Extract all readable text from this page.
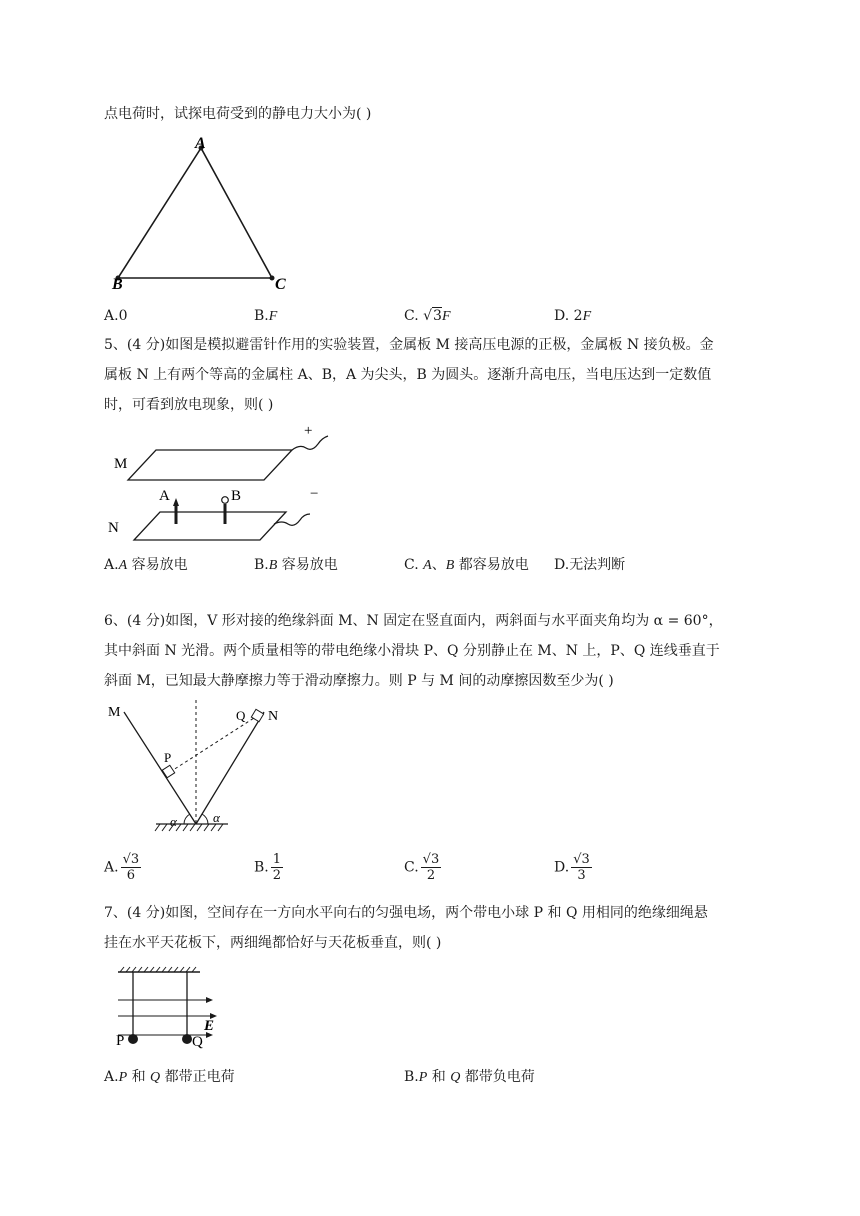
点电荷时，试探电荷受到的静电力大小为( )
A
B	C
A.0	B.F	C. √3F	D. 2F
5、(4 分)如图是模拟避雷针作用的实验装置，金属板 M 接高压电源的正极，金属板 N 接负极。金
属板 N 上有两个等高的金属柱 A、B，A 为尖头，B 为圆头。逐渐升高电压，当电压达到一定数值
时，可看到放电现象，则( )
+
M
−
N
A	B
A.A 容易放电	B.B 容易放电	C. A、B 都容易放电 D.无法判断
6、(4 分)如图，V 形对接的绝缘斜面 M、N 固定在竖直面内，两斜面与水平面夹角均为 α = 60°，
其中斜面 N 光滑。两个质量相等的带电绝缘小滑块 P、Q 分别静止在 M、N 上，P、Q 连线垂直于
斜面 M，已知最大静摩擦力等于滑动摩擦力。则 P 与 M 间的动摩擦因数至少为( )
M	N
P
Q
α	α
A. $\frac{√3}{6}$	B. $\frac{1}{2}$	C. $\frac{√3}{2}$	D. $\frac{√3}{3}$
7、(4 分)如图，空间存在一方向水平向右的匀强电场，两个带电小球 P 和 Q 用相同的绝缘细绳悬
挂在水平天花板下，两细绳都恰好与天花板垂直，则( )
P	Q
E
A.P 和 Q 都带正电荷	B.P 和 Q 都带负电荷
